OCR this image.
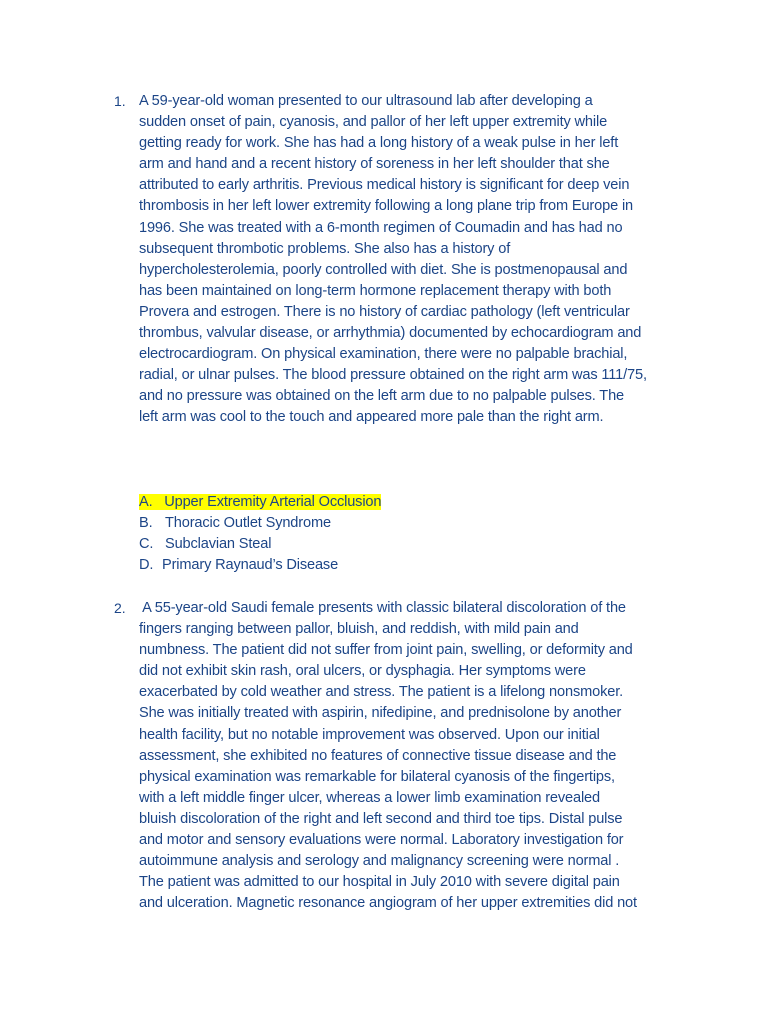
1. A 59-year-old woman presented to our ultrasound lab after developing a
sudden onset of pain, cyanosis, and pallor of her left upper extremity while
getting ready for work. She has had a long history of a weak pulse in her left
arm and hand and a recent history of soreness in her left shoulder that she
attributed to early arthritis. Previous medical history is significant for deep vein
thrombosis in her left lower extremity following a long plane trip from Europe in
1996. She was treated with a 6-month regimen of Coumadin and has had no
subsequent thrombotic problems. She also has a history of
hypercholesterolemia, poorly controlled with diet. She is postmenopausal and
has been maintained on long-term hormone replacement therapy with both
Provera and estrogen. There is no history of cardiac pathology (left ventricular
thrombus, valvular disease, or arrhythmia) documented by echocardiogram and
electrocardiogram. On physical examination, there were no palpable brachial,
radial, or ulnar pulses. The blood pressure obtained on the right arm was 111/75,
and no pressure was obtained on the left arm due to no palpable pulses. The
left arm was cool to the touch and appeared more pale than the right arm.
A. Upper Extremity Arterial Occlusion
B. Thoracic Outlet Syndrome
C. Subclavian Steal
D. Primary Raynaud’s Disease
2. A 55-year-old Saudi female presents with classic bilateral discoloration of the
fingers ranging between pallor, bluish, and reddish, with mild pain and
numbness. The patient did not suffer from joint pain, swelling, or deformity and
did not exhibit skin rash, oral ulcers, or dysphagia. Her symptoms were
exacerbated by cold weather and stress. The patient is a lifelong nonsmoker.
She was initially treated with aspirin, nifedipine, and prednisolone by another
health facility, but no notable improvement was observed. Upon our initial
assessment, she exhibited no features of connective tissue disease and the
physical examination was remarkable for bilateral cyanosis of the fingertips,
with a left middle finger ulcer, whereas a lower limb examination revealed
bluish discoloration of the right and left second and third toe tips. Distal pulse
and motor and sensory evaluations were normal. Laboratory investigation for
autoimmune analysis and serology and malignancy screening were normal .
The patient was admitted to our hospital in July 2010 with severe digital pain
and ulceration. Magnetic resonance angiogram of her upper extremities did not
